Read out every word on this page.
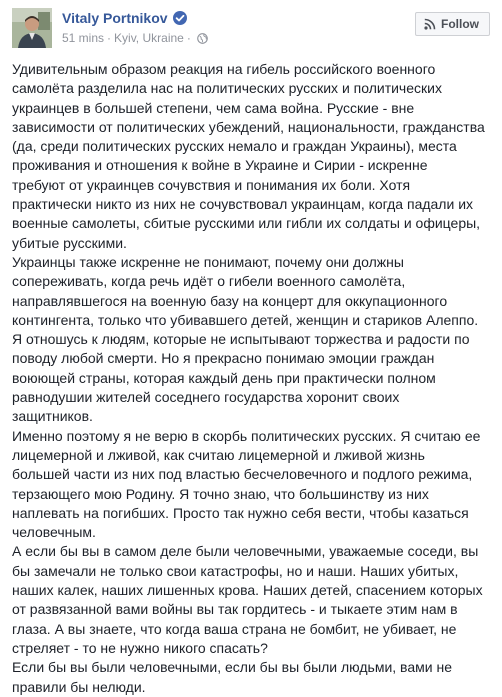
Vitaly Portnikov
51 mins · Kyiv, Ukraine ·
Follow

Удивительным образом реакция на гибель российского военного
самолёта разделила нас на политических русских и политических
украинцев в большей степени, чем сама война. Русские - вне
зависимости от политических убеждений, национальности, гражданства
(да, среди политических русских немало и граждан Украины), места
проживания и отношения к войне в Украине и Сирии - искренне
требуют от украинцев сочувствия и понимания их боли. Хотя
практически никто из них не сочувствовал украинцам, когда падали их
военные самолеты, сбитые русскими или гибли их солдаты и офицеры,
убитые русскими.

Украинцы также искренне не понимают, почему они должны
сопереживать, когда речь идёт о гибели военного самолёта,
направлявшегося на военную базу на концерт для оккупационного
контингента, только что убивавшего детей, женщин и стариков Алеппо.

Я отношусь к людям, которые не испытывают торжества и радости по
поводу любой смерти. Но я прекрасно понимаю эмоции граждан
воюющей страны, которая каждый день при практически полном
равнодушии жителей соседнего государства хоронит своих
защитников.

Именно поэтому я не верю в скорбь политических русских. Я считаю ее
лицемерной и лживой, как считаю лицемерной и лживой жизнь
большей части из них под властью бесчеловечного и подлого режима,
терзающего мою Родину. Я точно знаю, что большинству из них
наплевать на погибших. Просто так нужно себя вести, чтобы казаться
человечным.

А если бы вы в самом деле были человечными, уважаемые соседи, вы
бы замечали не только свои катастрофы, но и наши. Наших убитых,
наших калек, наших лишенных крова. Наших детей, спасением которых
от развязанной вами войны вы так гордитесь - и тыкаете этим нам в
глаза. А вы знаете, что когда ваша страна не бомбит, не убивает, не
стреляет - то не нужно никого спасать?

Если бы вы были человечными, если бы вы были людьми, вами не
правили бы нелюди.
